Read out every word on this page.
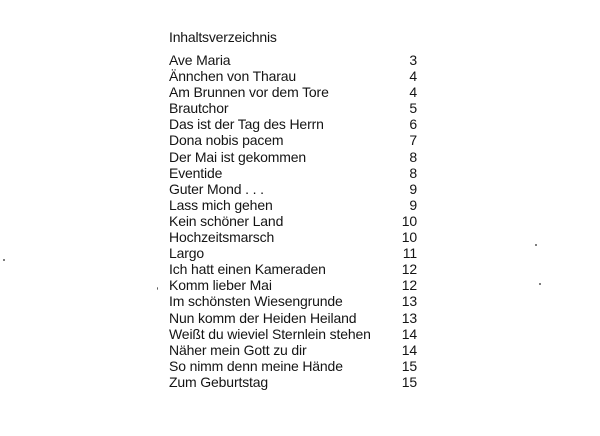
Inhaltsverzeichnis
Ave Maria	3
Ännchen von Tharau	4
Am Brunnen vor dem Tore	4
Brautchor	5
Das ist der Tag des Herrn	6
Dona nobis pacem	7
Der Mai ist gekommen	8
Eventide	8
Guter Mond . . .	9
Lass mich gehen	9
Kein schöner Land	10
Hochzeitsmarsch	10
Largo	11
Ich hatt einen Kameraden	12
Komm lieber Mai	12
Im schönsten Wiesengrunde	13
Nun komm der Heiden Heiland	13
Weißt du wieviel Sternlein stehen	14
Näher mein Gott zu dir	14
So nimm denn meine Hände	15
Zum Geburtstag	15
